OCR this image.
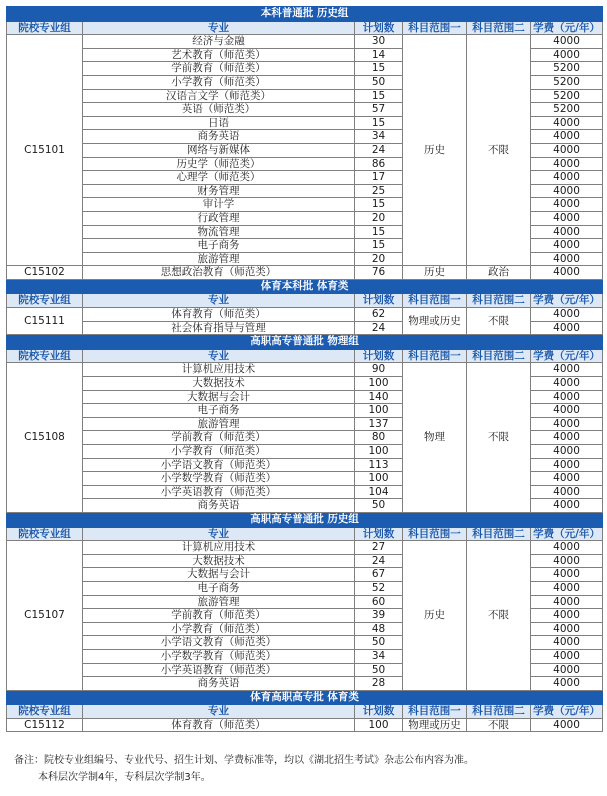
本科普通批 历史组					
院校专业组	专业	计划数	科目范围一	科目范围二	学费（元/年）
C15101	经济与金融	30	历史	不限	4000
	艺术教育（师范类）	14			4000
	学前教育（师范类）	15			5200
	小学教育（师范类）	50			5200
	汉语言文学（师范类）	15			5200
	英语（师范类）	57			5200
	日语	15			4000
	商务英语	34			4000
	网络与新媒体	24			4000
	历史学（师范类）	86			4000
	心理学（师范类）	17			4000
	财务管理	25			4000
	审计学	15			4000
	行政管理	20			4000
	物流管理	15			4000
	电子商务	15			4000
	旅游管理	20			4000
C15102	思想政治教育（师范类）	76	历史	政治	4000
体育本科批 体育类					
院校专业组	专业	计划数	科目范围一	科目范围二	学费（元/年）
C15111	体育教育（师范类）	62	物理或历史	不限	4000
	社会体育指导与管理	24			4000
高职高专普通批 物理组					
院校专业组	专业	计划数	科目范围一	科目范围二	学费（元/年）
C15108	计算机应用技术	90	物理	不限	4000
	大数据技术	100			4000
	大数据与会计	140			4000
	电子商务	100			4000
	旅游管理	137			4000
	学前教育（师范类）	80			4000
	小学教育（师范类）	100			4000
	小学语文教育（师范类）	113			4000
	小学数学教育（师范类）	100			4000
	小学英语教育（师范类）	104			4000
	商务英语	50			4000
高职高专普通批 历史组					
院校专业组	专业	计划数	科目范围一	科目范围二	学费（元/年）
C15107	计算机应用技术	27	历史	不限	4000
	大数据技术	24			4000
	大数据与会计	67			4000
	电子商务	52			4000
	旅游管理	60			4000
	学前教育（师范类）	39			4000
	小学教育（师范类）	48			4000
	小学语文教育（师范类）	50			4000
	小学数学教育（师范类）	34			4000
	小学英语教育（师范类）	50			4000
	商务英语	28			4000
体育高职高专批 体育类					
院校专业组	专业	计划数	科目范围一	科目范围二	学费（元/年）
C15112	体育教育（师范类）	100	物理或历史	不限	4000
备注：院校专业组编号、专业代号、招生计划、学费标准等，均以《湖北招生考试》杂志公布内容为准。
本科层次学制4年，专科层次学制3年。
